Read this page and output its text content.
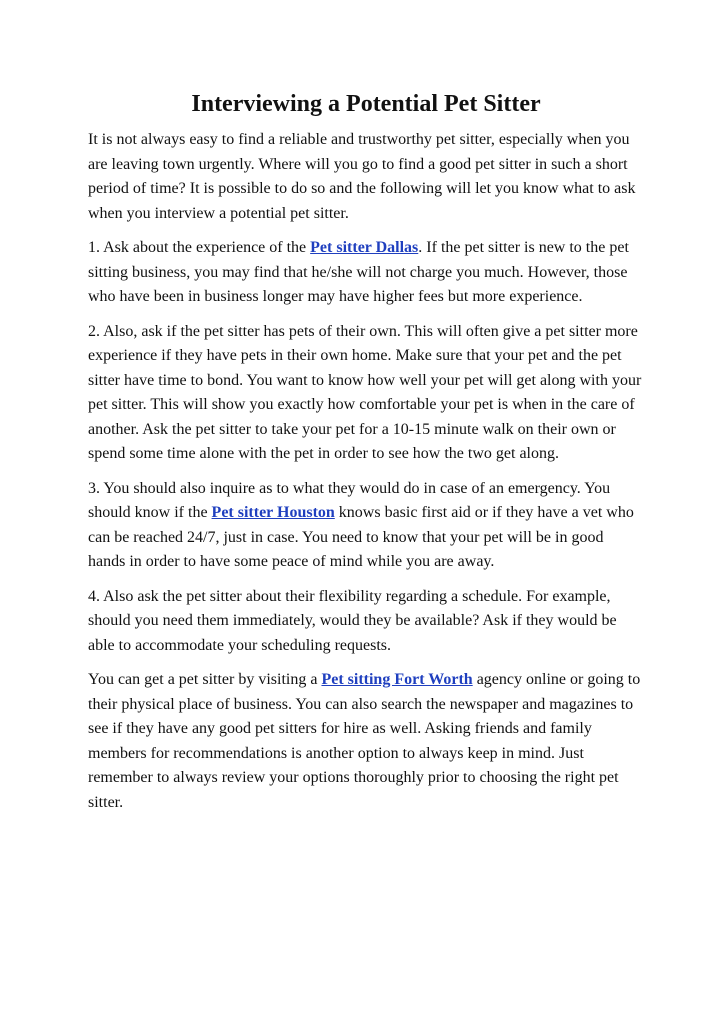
Interviewing a Potential Pet Sitter

It is not always easy to find a reliable and trustworthy pet sitter, especially when you are leaving town urgently. Where will you go to find a good pet sitter in such a short period of time? It is possible to do so and the following will let you know what to ask when you interview a potential pet sitter.

1. Ask about the experience of the Pet sitter Dallas. If the pet sitter is new to the pet sitting business, you may find that he/she will not charge you much. However, those who have been in business longer may have higher fees but more experience.

2. Also, ask if the pet sitter has pets of their own. This will often give a pet sitter more experience if they have pets in their own home. Make sure that your pet and the pet sitter have time to bond. You want to know how well your pet will get along with your pet sitter. This will show you exactly how comfortable your pet is when in the care of another. Ask the pet sitter to take your pet for a 10-15 minute walk on their own or spend some time alone with the pet in order to see how the two get along.

3. You should also inquire as to what they would do in case of an emergency. You should know if the Pet sitter Houston knows basic first aid or if they have a vet who can be reached 24/7, just in case. You need to know that your pet will be in good hands in order to have some peace of mind while you are away.

4. Also ask the pet sitter about their flexibility regarding a schedule. For example, should you need them immediately, would they be available? Ask if they would be able to accommodate your scheduling requests.

You can get a pet sitter by visiting a Pet sitting Fort Worth agency online or going to their physical place of business. You can also search the newspaper and magazines to see if they have any good pet sitters for hire as well. Asking friends and family members for recommendations is another option to always keep in mind. Just remember to always review your options thoroughly prior to choosing the right pet sitter.
